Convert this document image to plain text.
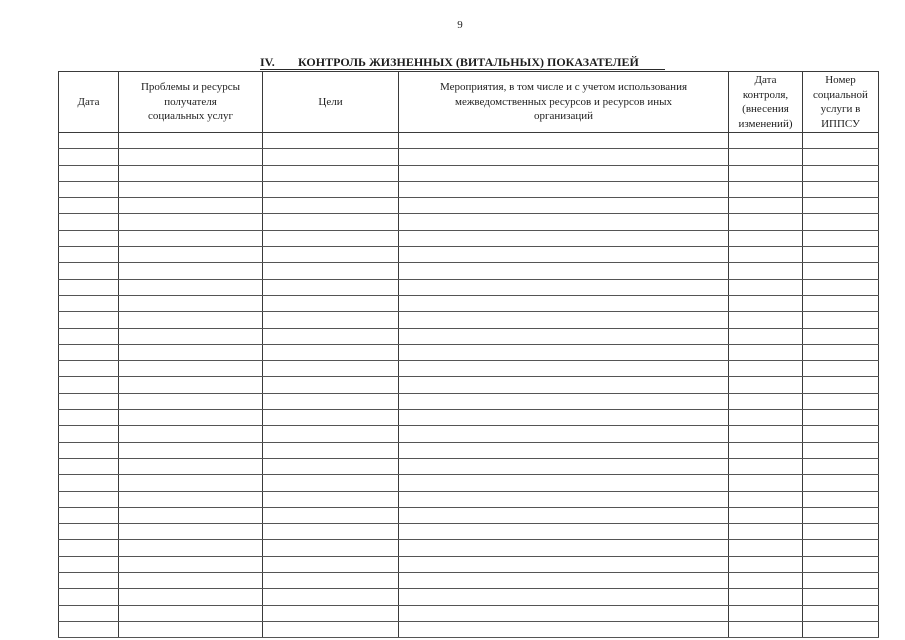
9
IV.	КОНТРОЛЬ ЖИЗНЕННЫХ (ВИТАЛЬНЫХ) ПОКАЗАТЕЛЕЙ
Дата	Проблемы и ресурсы
получателя
социальных услуг	Цели	Мероприятия, в том числе и с учетом использования
межведомственных ресурсов и ресурсов иных
организаций	Дата
контроля,
(внесения
изменений)	Номер
социальной
услуги в
ИППСУ
